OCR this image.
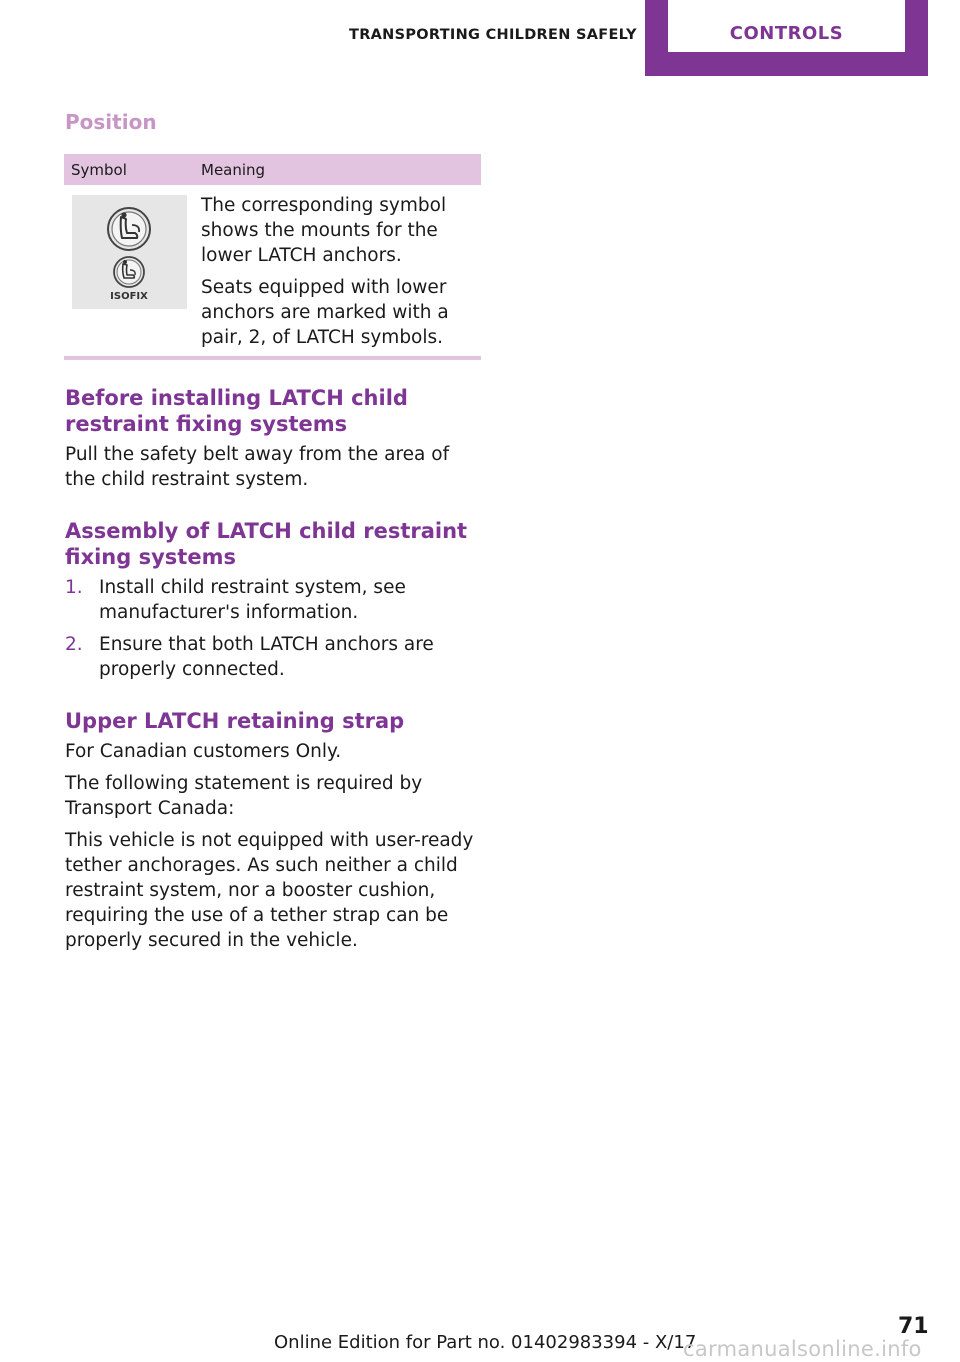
TRANSPORTING CHILDREN SAFELY	CONTROLS
Position
Symbol	Meaning
ISOFIX

The corresponding symbol shows the mounts for the lower LATCH anchors.

Seats equipped with lower anchors are marked with a pair, 2, of LATCH symbols.

Before installing LATCH child restraint fixing systems

Pull the safety belt away from the area of the child restraint system.

Assembly of LATCH child restraint fixing systems
1. Install child restraint system, see manufacturer's information.
2. Ensure that both LATCH anchors are properly connected.
Upper LATCH retaining strap

For Canadian customers Only.

The following statement is required by Transport Canada:

This vehicle is not equipped with user-ready tether anchorages. As such neither a child restraint system, nor a booster cushion, requiring the use of a tether strap can be properly secured in the vehicle.

71
Online Edition for Part no. 01402983394 - X/17
carmanualsonline.info
